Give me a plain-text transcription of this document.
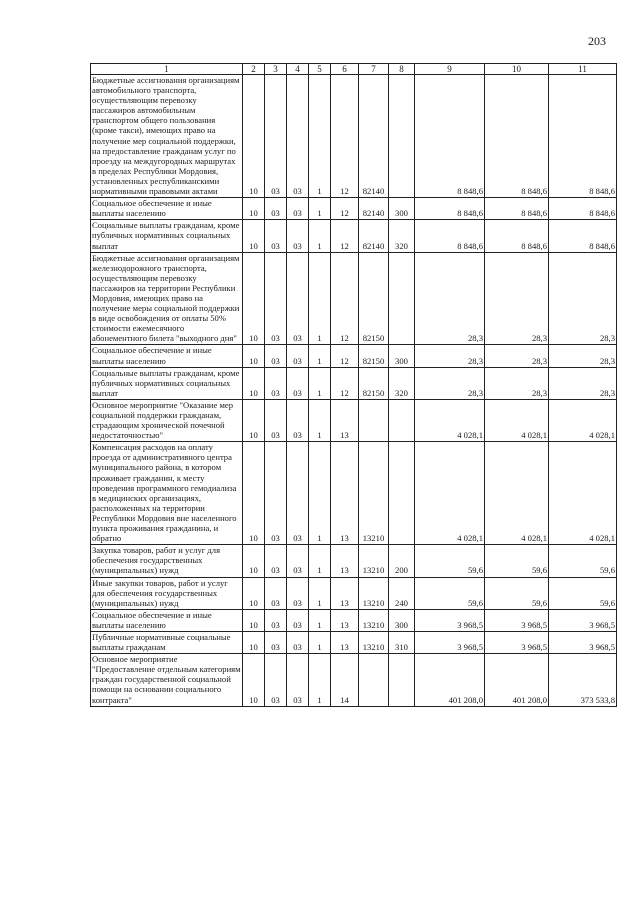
203
1	2	3	4	5	6	7	8	9	10	11
Бюджетные ассигнования организациям автомобильного транспорта, осуществляющим перевозку пассажиров автомобильным транспортом общего пользования (кроме такси), имеющих право на получение мер социальной поддержки, на предоставление гражданам услуг по проезду на междугородных маршрутах в пределах Республики Мордовия, установленных республиканскими нормативными правовыми актами	10	03	03	1	12	82140		8 848,6	8 848,6	8 848,6
Социальное обеспечение и иные выплаты населению	10	03	03	1	12	82140	300	8 848,6	8 848,6	8 848,6
Социальные выплаты гражданам, кроме публичных нормативных социальных выплат	10	03	03	1	12	82140	320	8 848,6	8 848,6	8 848,6
Бюджетные ассигнования организациям железнодорожного транспорта, осуществляющим перевозку пассажиров на территории Республики Мордовия, имеющих право на получение меры социальной поддержки в виде освобождения от оплаты 50% стоимости ежемесячного абонементного билета "выходного дня"	10	03	03	1	12	82150		28,3	28,3	28,3
Социальное обеспечение и иные выплаты населению	10	03	03	1	12	82150	300	28,3	28,3	28,3
Социальные выплаты гражданам, кроме публичных нормативных социальных выплат	10	03	03	1	12	82150	320	28,3	28,3	28,3
Основное мероприятие "Оказание мер социальной поддержки гражданам, страдающим хронической почечной недостаточностью"	10	03	03	1	13			4 028,1	4 028,1	4 028,1
Компенсация расходов на оплату проезда от административного центра муниципального района, в котором проживает гражданин, к месту проведения программного гемодиализа в медицинских организациях, расположенных на территории Республики Мордовия вне населенного пункта проживания гражданина, и обратно	10	03	03	1	13	13210		4 028,1	4 028,1	4 028,1
Закупка товаров, работ и услуг для обеспечения государственных (муниципальных) нужд	10	03	03	1	13	13210	200	59,6	59,6	59,6
Иные закупки товаров, работ и услуг для обеспечения государственных (муниципальных) нужд	10	03	03	1	13	13210	240	59,6	59,6	59,6
Социальное обеспечение и иные выплаты населению	10	03	03	1	13	13210	300	3 968,5	3 968,5	3 968,5
Публичные нормативные социальные выплаты гражданам	10	03	03	1	13	13210	310	3 968,5	3 968,5	3 968,5
Основное мероприятие "Предоставление отдельным категориям граждан государственной социальной помощи на основании социального контракта"	10	03	03	1	14			401 208,0	401 208,0	373 533,8
